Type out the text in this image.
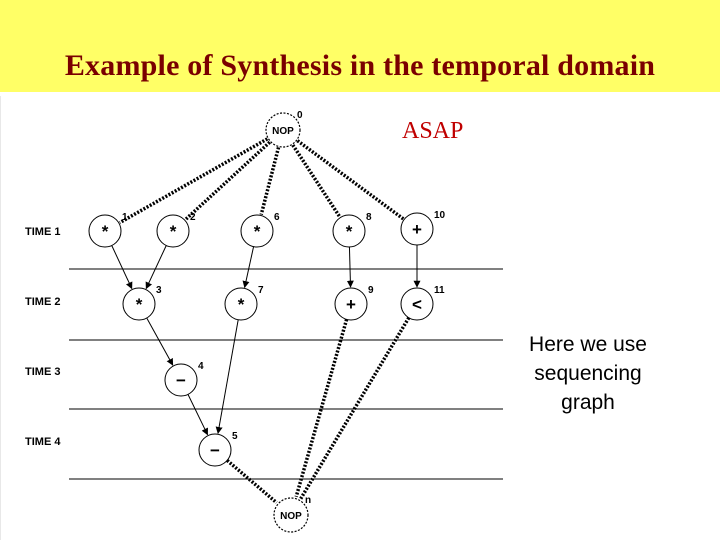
Example of Synthesis in the temporal domain
TIME 1
TIME 2
TIME 3
TIME 4
NOP
0
*
1
*
2
*
6
*
8
+
10
*
3
*
7
+
9
<
11
−
4
−
5
NOP
n
ASAP
Here we use sequencing graph
